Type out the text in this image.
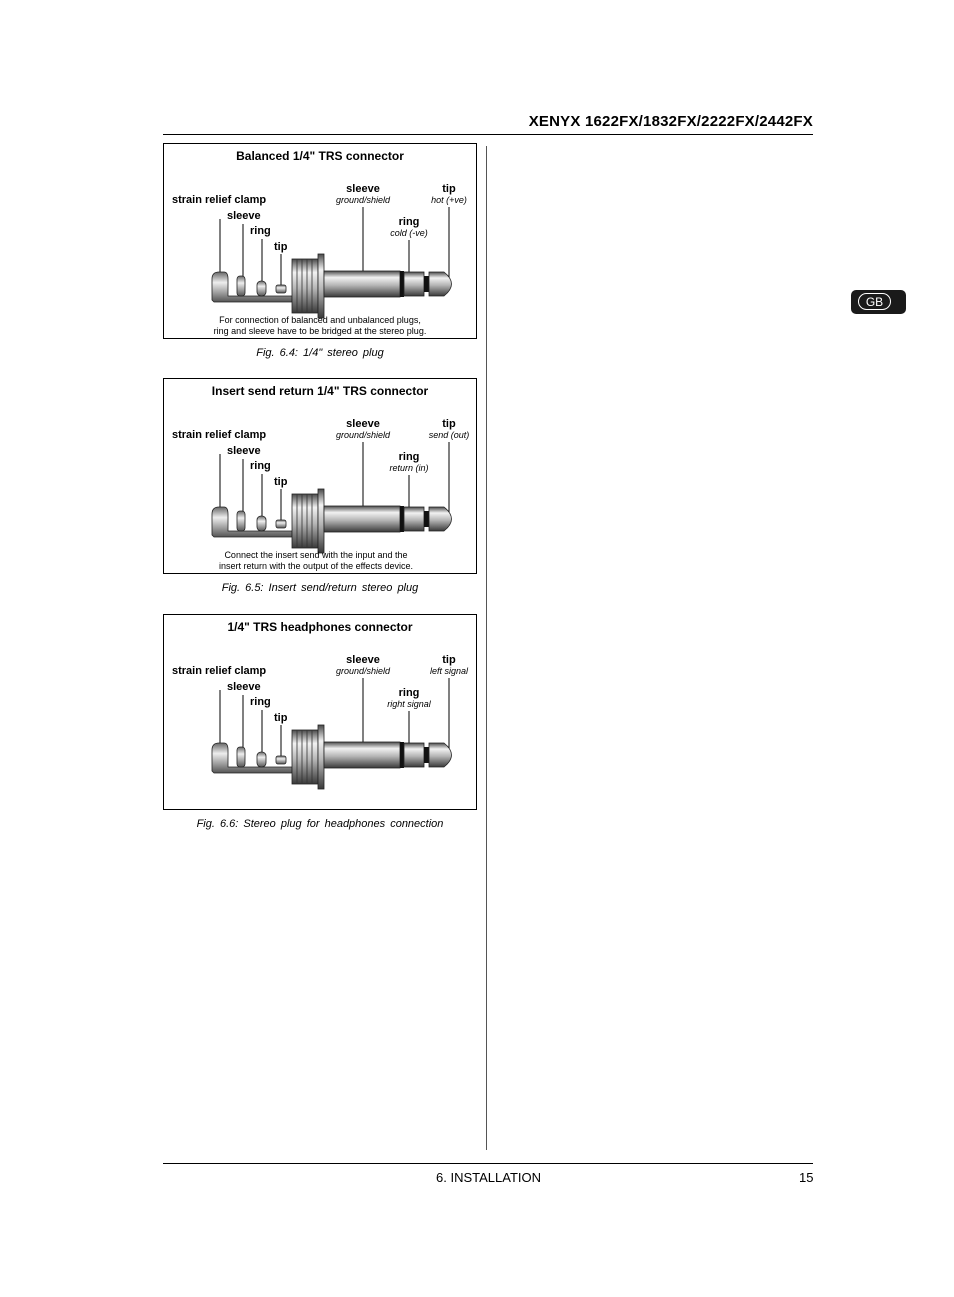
XENYX 1622FX/1832FX/2222FX/2442FX
GB
Balanced 1/4" TRS connector
strain relief clamp
sleeve
ring
tip
sleeve
ground/shield
tip
hot (+ve)
ring
cold (-ve)
For connection of balanced and unbalanced plugs,
ring and sleeve have to be bridged at the stereo plug.
Fig. 6.4: 1/4" stereo plug
Insert send return 1/4" TRS connector
strain relief clamp
sleeve
ring
tip
sleeve
ground/shield
tip
send (out)
ring
return (in)
Connect the insert send with the input and the
insert return with the output of the effects device.
Fig. 6.5: Insert send/return stereo plug
1/4" TRS headphones connector
strain relief clamp
sleeve
ring
tip
sleeve
ground/shield
tip
left signal
ring
right signal
Fig. 6.6: Stereo plug for headphones connection
6. INSTALLATION	15
